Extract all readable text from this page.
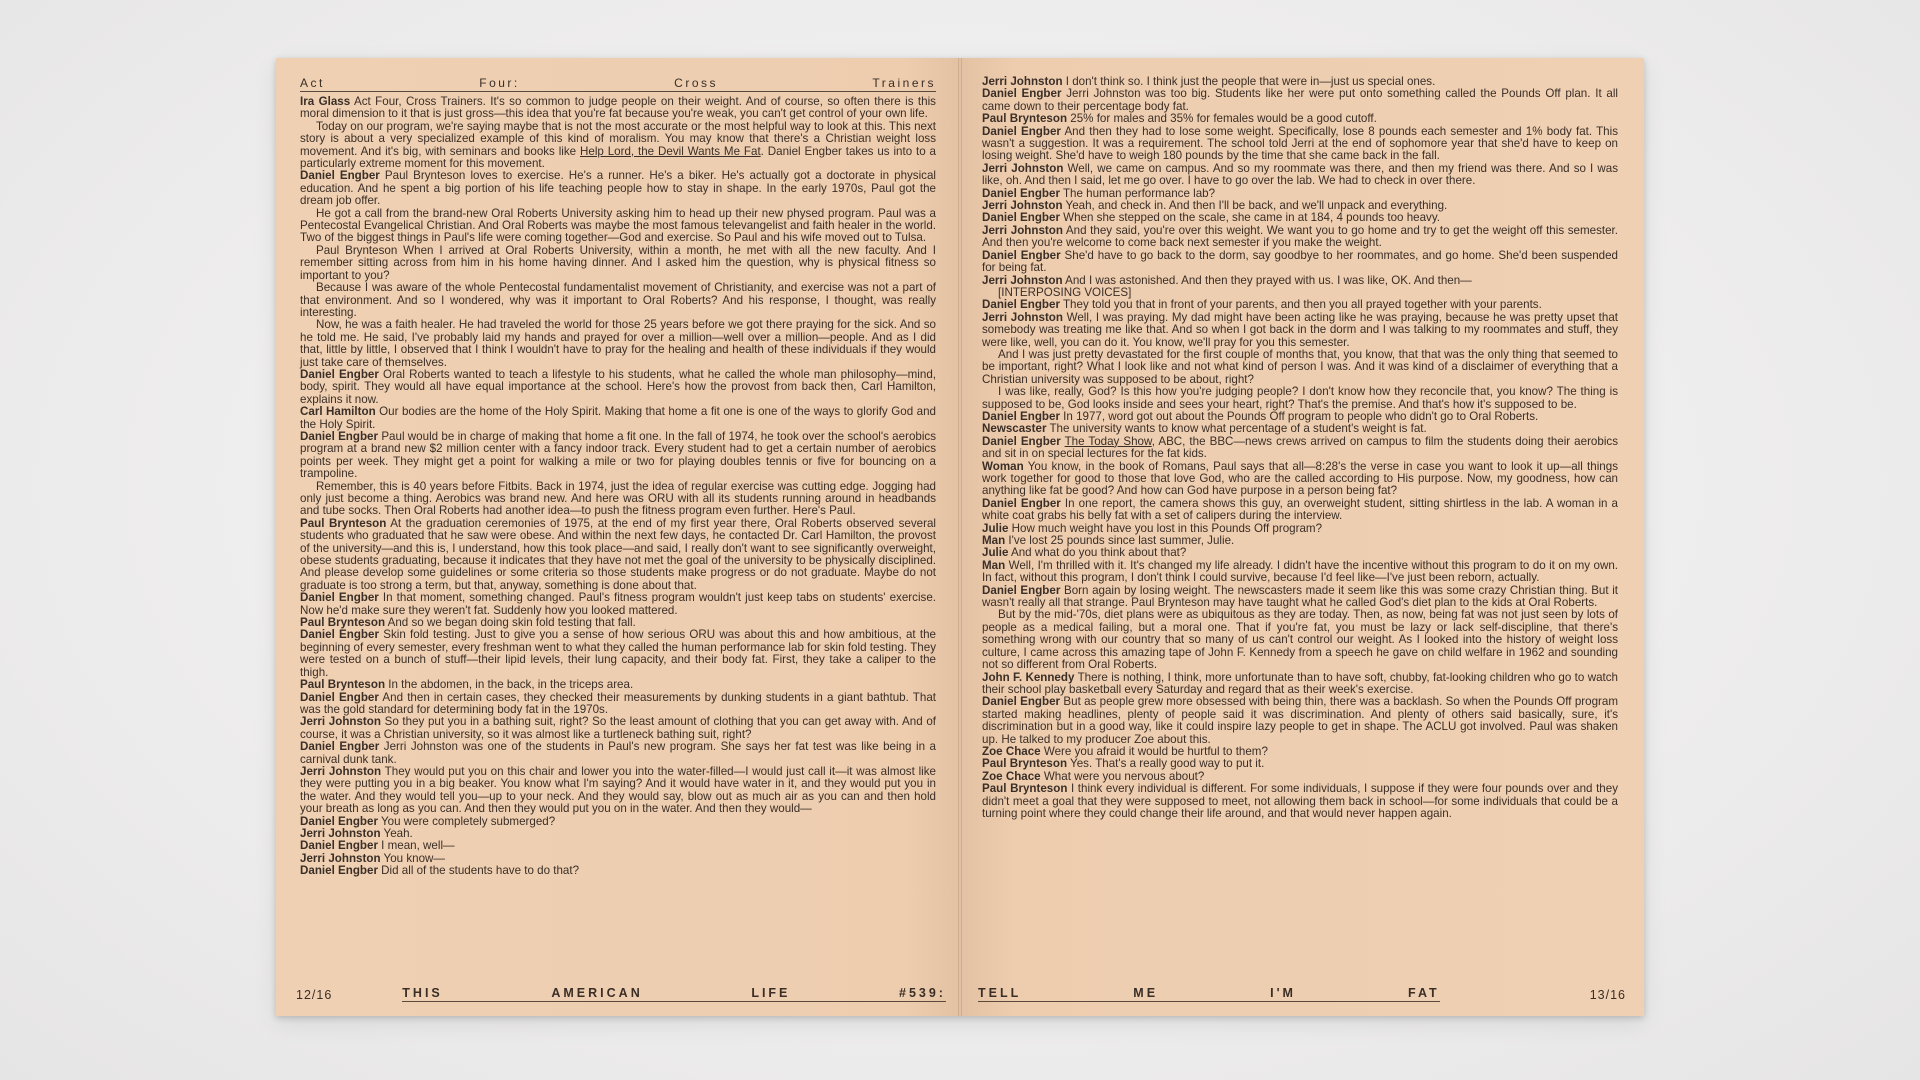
Act	Four:	Cross	Trainers

Ira Glass Act Four, Cross Trainers. It's so common to judge people on their weight. And of course, so often there is this moral dimension to it that is just gross—this idea that you're fat because you're weak, you can't get control of your own life.

Today on our program, we're saying maybe that is not the most accurate or the most helpful way to look at this. This next story is about a very specialized example of this kind of moralism. You may know that there's a Christian weight loss movement. And it's big, with seminars and books like Help Lord, the Devil Wants Me Fat. Daniel Engber takes us into to a particularly extreme moment for this movement.

Daniel Engber Paul Brynteson loves to exercise. He's a runner. He's a biker. He's actually got a doctorate in physical education. And he spent a big portion of his life teaching people how to stay in shape. In the early 1970s, Paul got the dream job offer.

He got a call from the brand-new Oral Roberts University asking him to head up their new physed program. Paul was a Pentecostal Evangelical Christian. And Oral Roberts was maybe the most famous televangelist and faith healer in the world. Two of the biggest things in Paul's life were coming together—God and exercise. So Paul and his wife moved out to Tulsa.

Paul Brynteson When I arrived at Oral Roberts University, within a month, he met with all the new faculty. And I remember sitting across from him in his home having dinner. And I asked him the question, why is physical fitness so important to you?

Because I was aware of the whole Pentecostal fundamentalist movement of Christianity, and exercise was not a part of that environment. And so I wondered, why was it important to Oral Roberts? And his response, I thought, was really interesting.

Now, he was a faith healer. He had traveled the world for those 25 years before we got there praying for the sick. And so he told me. He said, I've probably laid my hands and prayed for over a million—well over a million—people. And as I did that, little by little, I observed that I think I wouldn't have to pray for the healing and health of these individuals if they would just take care of themselves.

Daniel Engber Oral Roberts wanted to teach a lifestyle to his students, what he called the whole man philosophy—mind, body, spirit. They would all have equal importance at the school. Here's how the provost from back then, Carl Hamilton, explains it now.

Carl Hamilton Our bodies are the home of the Holy Spirit. Making that home a fit one is one of the ways to glorify God and the Holy Spirit.

Daniel Engber Paul would be in charge of making that home a fit one. In the fall of 1974, he took over the school's aerobics program at a brand new $2 million center with a fancy indoor track. Every student had to get a certain number of aerobics points per week. They might get a point for walking a mile or two for playing doubles tennis or five for bouncing on a trampoline.

Remember, this is 40 years before Fitbits. Back in 1974, just the idea of regular exercise was cutting edge. Jogging had only just become a thing. Aerobics was brand new. And here was ORU with all its students running around in headbands and tube socks. Then Oral Roberts had another idea—to push the fitness program even further. Here's Paul.

Paul Brynteson At the graduation ceremonies of 1975, at the end of my first year there, Oral Roberts observed several students who graduated that he saw were obese. And within the next few days, he contacted Dr. Carl Hamilton, the provost of the university—and this is, I understand, how this took place—and said, I really don't want to see significantly overweight, obese students graduating, because it indicates that they have not met the goal of the university to be physically disciplined. And please develop some guidelines or some criteria so those students make progress or do not graduate. Maybe do not graduate is too strong a term, but that, anyway, something is done about that.

Daniel Engber In that moment, something changed. Paul's fitness program wouldn't just keep tabs on students' exercise. Now he'd make sure they weren't fat. Suddenly how you looked mattered.

Paul Brynteson And so we began doing skin fold testing that fall.

Daniel Engber Skin fold testing. Just to give you a sense of how serious ORU was about this and how ambitious, at the beginning of every semester, every freshman went to what they called the human performance lab for skin fold testing. They were tested on a bunch of stuff—their lipid levels, their lung capacity, and their body fat. First, they take a caliper to the thigh.

Paul Brynteson In the abdomen, in the back, in the triceps area.

Daniel Engber And then in certain cases, they checked their measurements by dunking students in a giant bathtub. That was the gold standard for determining body fat in the 1970s.

Jerri Johnston So they put you in a bathing suit, right? So the least amount of clothing that you can get away with. And of course, it was a Christian university, so it was almost like a turtleneck bathing suit, right?

Daniel Engber Jerri Johnston was one of the students in Paul's new program. She says her fat test was like being in a carnival dunk tank.

Jerri Johnston They would put you on this chair and lower you into the water-filled—I would just call it—it was almost like they were putting you in a big beaker. You know what I'm saying? And it would have water in it, and they would put you in the water. And they would tell you—up to your neck. And they would say, blow out as much air as you can and then hold your breath as long as you can. And then they would put you on in the water. And then they would—

Daniel Engber You were completely submerged?

Jerri Johnston Yeah.

Daniel Engber I mean, well—

Jerri Johnston You know—

Daniel Engber Did all of the students have to do that?

12/16	THIS	AMERICAN	LIFE	#539:

Jerri Johnston I don't think so. I think just the people that were in—just us special ones.

Daniel Engber Jerri Johnston was too big. Students like her were put onto something called the Pounds Off plan. It all came down to their percentage body fat.

Paul Brynteson 25% for males and 35% for females would be a good cutoff.

Daniel Engber And then they had to lose some weight. Specifically, lose 8 pounds each semester and 1% body fat. This wasn't a suggestion. It was a requirement. The school told Jerri at the end of sophomore year that she'd have to keep on losing weight. She'd have to weigh 180 pounds by the time that she came back in the fall.

Jerri Johnston Well, we came on campus. And so my roommate was there, and then my friend was there. And so I was like, oh. And then I said, let me go over. I have to go over the lab. We had to check in over there.

Daniel Engber The human performance lab?

Jerri Johnston Yeah, and check in. And then I'll be back, and we'll unpack and everything.

Daniel Engber When she stepped on the scale, she came in at 184, 4 pounds too heavy.

Jerri Johnston And they said, you're over this weight. We want you to go home and try to get the weight off this semester. And then you're welcome to come back next semester if you make the weight.

Daniel Engber She'd have to go back to the dorm, say goodbye to her roommates, and go home. She'd been suspended for being fat.

Jerri Johnston And I was astonished. And then they prayed with us. I was like, OK. And then—

[INTERPOSING VOICES]

Daniel Engber They told you that in front of your parents, and then you all prayed together with your parents.

Jerri Johnston Well, I was praying. My dad might have been acting like he was praying, because he was pretty upset that somebody was treating me like that. And so when I got back in the dorm and I was talking to my roommates and stuff, they were like, well, you can do it. You know, we'll pray for you this semester.

And I was just pretty devastated for the first couple of months that, you know, that that was the only thing that seemed to be important, right? What I look like and not what kind of person I was. And it was kind of a disclaimer of everything that a Christian university was supposed to be about, right?

I was like, really, God? Is this how you're judging people? I don't know how they reconcile that, you know? The thing is supposed to be, God looks inside and sees your heart, right? That's the premise. And that's how it's supposed to be.

Daniel Engber In 1977, word got out about the Pounds Off program to people who didn't go to Oral Roberts.

Newscaster The university wants to know what percentage of a student's weight is fat.

Daniel Engber The Today Show, ABC, the BBC—news crews arrived on campus to film the students doing their aerobics and sit in on special lectures for the fat kids.

Woman You know, in the book of Romans, Paul says that all—8:28's the verse in case you want to look it up—all things work together for good to those that love God, who are the called according to His purpose. Now, my goodness, how can anything like fat be good? And how can God have purpose in a person being fat?

Daniel Engber In one report, the camera shows this guy, an overweight student, sitting shirtless in the lab. A woman in a white coat grabs his belly fat with a set of calipers during the interview.

Julie How much weight have you lost in this Pounds Off program?

Man I've lost 25 pounds since last summer, Julie.

Julie And what do you think about that?

Man Well, I'm thrilled with it. It's changed my life already. I didn't have the incentive without this program to do it on my own. In fact, without this program, I don't think I could survive, because I'd feel like—I've just been reborn, actually.

Daniel Engber Born again by losing weight. The newscasters made it seem like this was some crazy Christian thing. But it wasn't really all that strange. Paul Brynteson may have taught what he called God's diet plan to the kids at Oral Roberts.

But by the mid-'70s, diet plans were as ubiquitous as they are today. Then, as now, being fat was not just seen by lots of people as a medical failing, but a moral one. That if you're fat, you must be lazy or lack self-discipline, that there's something wrong with our country that so many of us can't control our weight. As I looked into the history of weight loss culture, I came across this amazing tape of John F. Kennedy from a speech he gave on child welfare in 1962 and sounding not so different from Oral Roberts.

John F. Kennedy There is nothing, I think, more unfortunate than to have soft, chubby, fat-looking children who go to watch their school play basketball every Saturday and regard that as their week's exercise.

Daniel Engber But as people grew more obsessed with being thin, there was a backlash. So when the Pounds Off program started making headlines, plenty of people said it was discrimination. And plenty of others said basically, sure, it's discrimination but in a good way, like it could inspire lazy people to get in shape. The ACLU got involved. Paul was shaken up. He talked to my producer Zoe about this.

Zoe Chace Were you afraid it would be hurtful to them?

Paul Brynteson Yes. That's a really good way to put it.

Zoe Chace What were you nervous about?

Paul Brynteson I think every individual is different. For some individuals, I suppose if they were four pounds over and they didn't meet a goal that they were supposed to meet, not allowing them back in school—for some individuals that could be a turning point where they could change their life around, and that would never happen again.

TELL	ME	I'M	FAT	13/16
